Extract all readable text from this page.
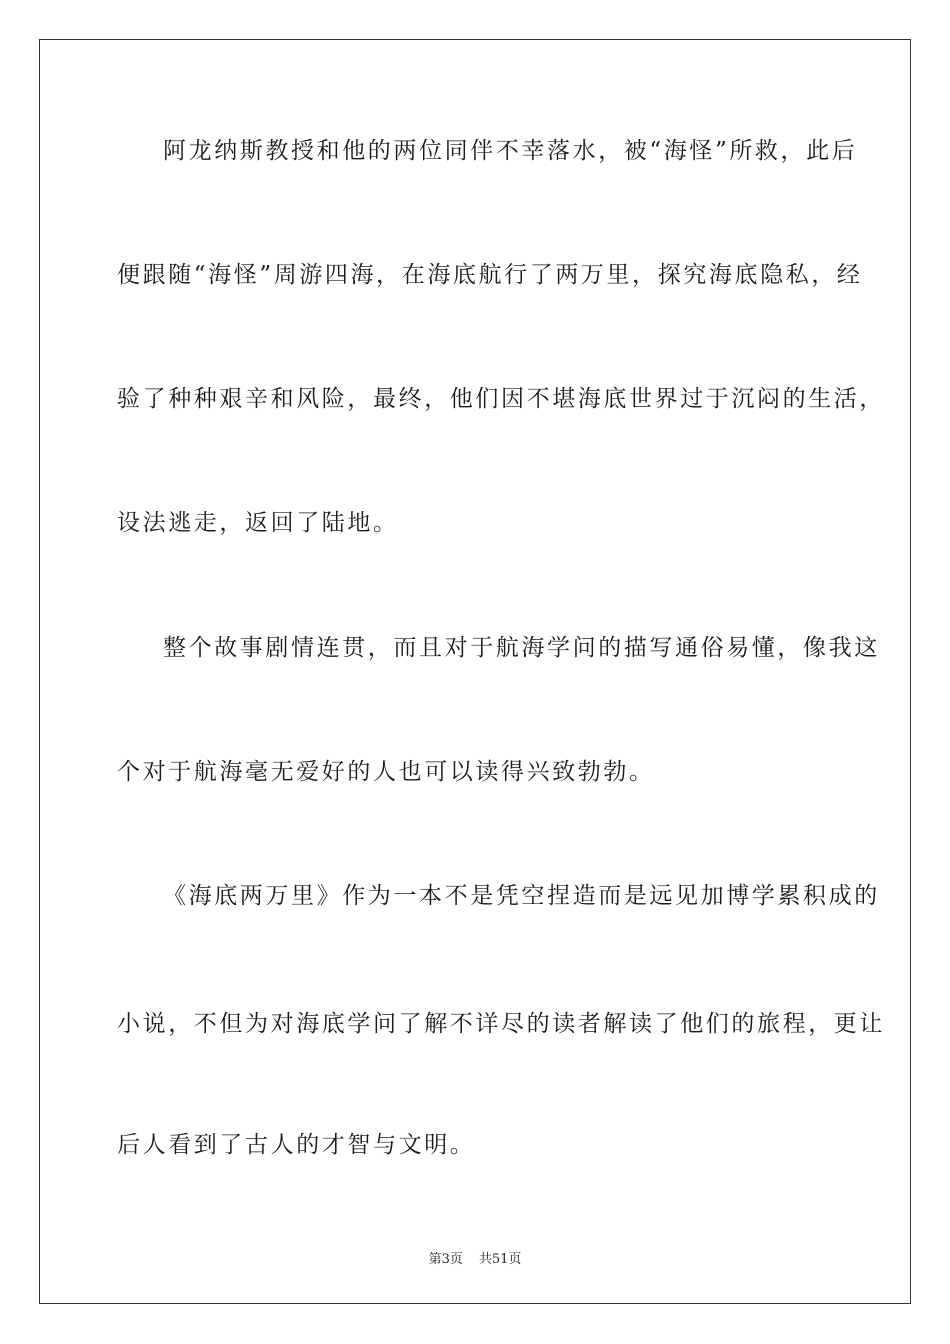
阿龙纳斯教授和他的两位同伴不幸落水，被“海怪”所救，此后
便跟随“海怪”周游四海，在海底航行了两万里，探究海底隐私，经
验了种种艰辛和风险，最终，他们因不堪海底世界过于沉闷的生活，
设法逃走，返回了陆地。
整个故事剧情连贯，而且对于航海学问的描写通俗易懂，像我这
个对于航海毫无爱好的人也可以读得兴致勃勃。
《海底两万里》作为一本不是凭空捏造而是远见加博学累积成的
小说，不但为对海底学问了解不详尽的读者解读了他们的旅程，更让
后人看到了古人的才智与文明。
第3页 共51页
